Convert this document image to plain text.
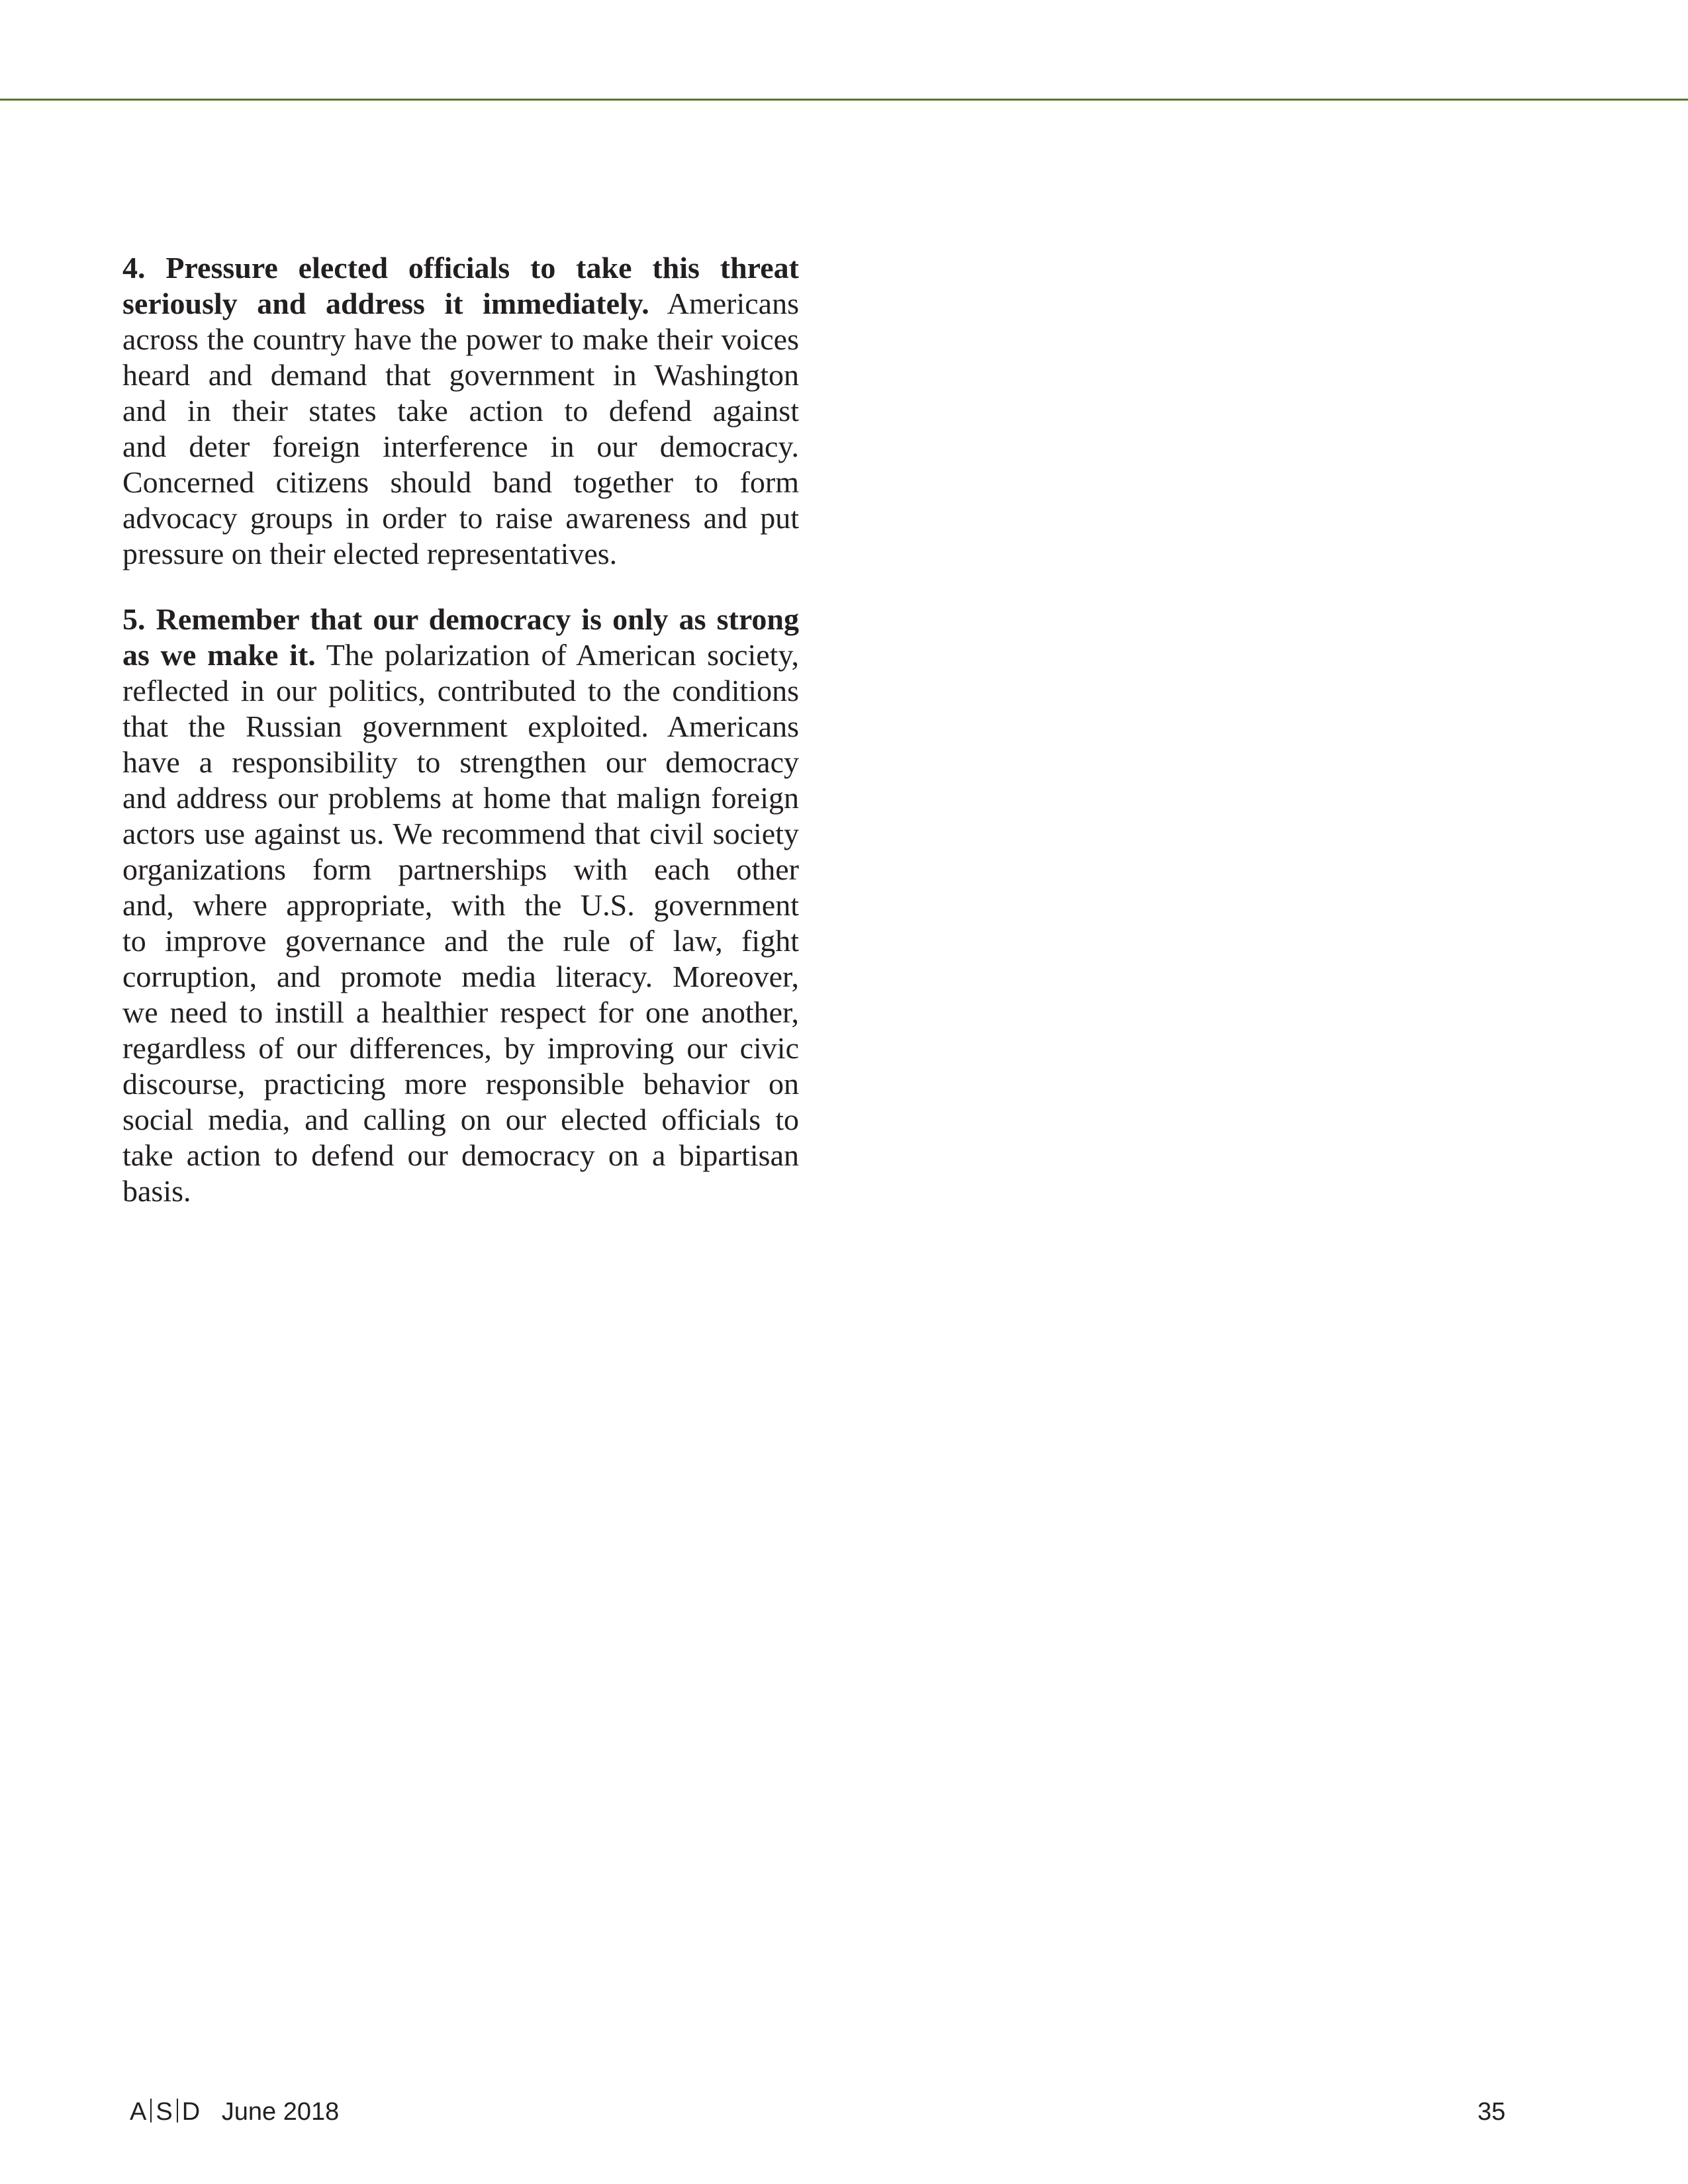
4. Pressure elected officials to take this threat
seriously and address it immediately. Americans
across the country have the power to make their voices
heard and demand that government in Washington
and in their states take action to defend against
and deter foreign interference in our democracy.
Concerned citizens should band together to form
advocacy groups in order to raise awareness and put
pressure on their elected representatives.
5. Remember that our democracy is only as strong
as we make it. The polarization of American society,
reflected in our politics, contributed to the conditions
that the Russian government exploited. Americans
have a responsibility to strengthen our democracy
and address our problems at home that malign foreign
actors use against us. We recommend that civil society
organizations form partnerships with each other
and, where appropriate, with the U.S. government
to improve governance and the rule of law, fight
corruption, and promote media literacy. Moreover,
we need to instill a healthier respect for one another,
regardless of our differences, by improving our civic
discourse, practicing more responsible behavior on
social media, and calling on our elected officials to
take action to defend our democracy on a bipartisan
basis.
A S D June 2018	35
